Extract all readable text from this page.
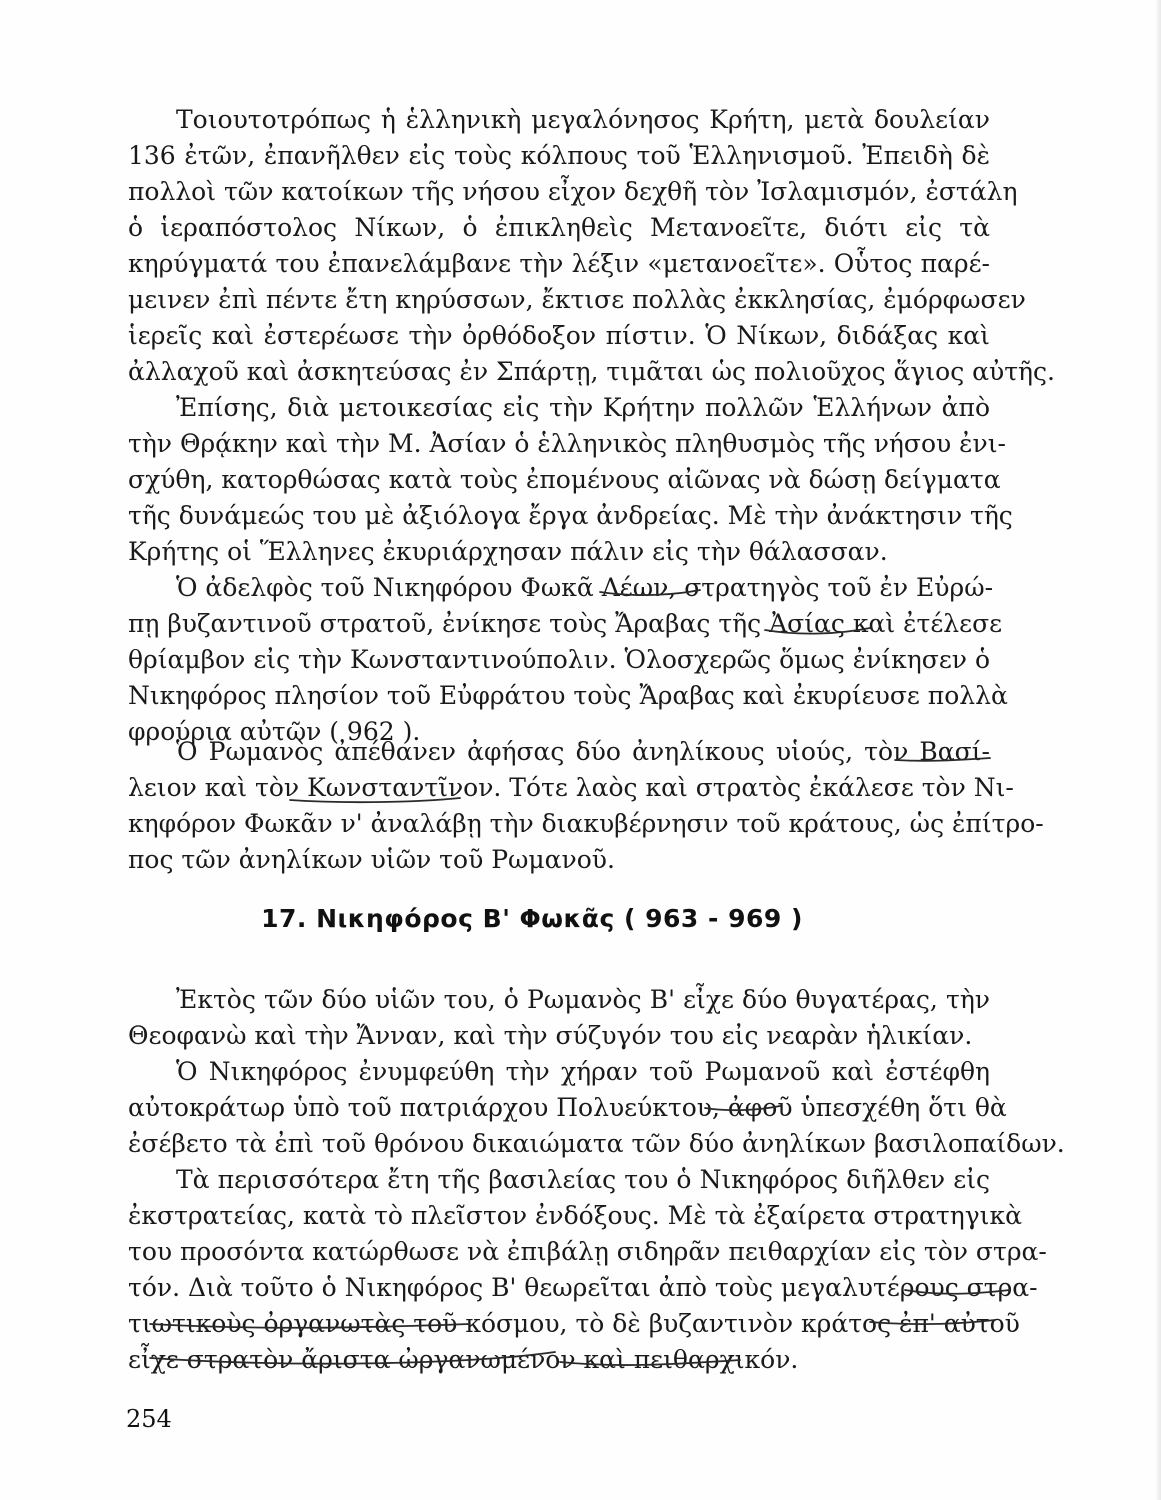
Τοιουτοτρόπως ἡ ἑλληνικὴ μεγαλόνησος Κρήτη, μετὰ δουλείαν
136 ἐτῶν, ἐπανῆλθεν εἰς τοὺς κόλπους τοῦ Ἑλληνισμοῦ. Ἐπειδὴ δὲ
πολλοὶ τῶν κατοίκων τῆς νήσου εἶχον δεχθῆ τὸν Ἰσλαμισμόν, ἐστάλη
ὁ ἱεραπόστολος Νίκων, ὁ ἐπικληθεὶς Μετανοεῖτε, διότι εἰς τὰ
κηρύγματά του ἐπανελάμβανε τὴν λέξιν «μετανοεῖτε». Οὗτος παρέ-
μεινεν ἐπὶ πέντε ἔτη κηρύσσων, ἔκτισε πολλὰς ἐκκλησίας, ἐμόρφωσεν
ἱερεῖς καὶ ἐστερέωσε τὴν ὀρθόδοξον πίστιν. Ὁ Νίκων, διδάξας καὶ
ἀλλαχοῦ καὶ ἀσκητεύσας ἐν Σπάρτῃ, τιμᾶται ὡς πολιοῦχος ἅγιος αὐτῆς.
Ἐπίσης, διὰ μετοικεσίας εἰς τὴν Κρήτην πολλῶν Ἑλλήνων ἀπὸ
τὴν Θρᾴκην καὶ τὴν Μ. Ἀσίαν ὁ ἑλληνικὸς πληθυσμὸς τῆς νήσου ἐνι-
σχύθη, κατορθώσας κατὰ τοὺς ἐπομένους αἰῶνας νὰ δώσῃ δείγματα
τῆς δυνάμεώς του μὲ ἀξιόλογα ἔργα ἀνδρείας. Μὲ τὴν ἀνάκτησιν τῆς
Κρήτης οἱ Ἕλληνες ἐκυριάρχησαν πάλιν εἰς τὴν θάλασσαν.
Ὁ ἀδελφὸς τοῦ Νικηφόρου Φωκᾶ Λέων, στρατηγὸς τοῦ ἐν Εὐρώ-
πῃ βυζαντινοῦ στρατοῦ, ἐνίκησε τοὺς Ἄραβας τῆς Ἀσίας καὶ ἐτέλεσε
θρίαμβον εἰς τὴν Κωνσταντινούπολιν. Ὁλοσχερῶς ὅμως ἐνίκησεν ὁ
Νικηφόρος πλησίον τοῦ Εὐφράτου τοὺς Ἄραβας καὶ ἐκυρίευσε πολλὰ
φρούρια αὐτῶν ( 962 ).
Ὁ Ρωμανὸς ἀπέθανεν ἀφήσας δύο ἀνηλίκους υἱούς, τὸν Βασί-
λειον καὶ τὸν Κωνσταντῖνον. Τότε λαὸς καὶ στρατὸς ἐκάλεσε τὸν Νι-
κηφόρον Φωκᾶν ν' ἀναλάβῃ τὴν διακυβέρνησιν τοῦ κράτους, ὡς ἐπίτρο-
πος τῶν ἀνηλίκων υἱῶν τοῦ Ρωμανοῦ.
17. Νικηφόρος Β' Φωκᾶς ( 963 - 969 )
Ἐκτὸς τῶν δύο υἱῶν του, ὁ Ρωμανὸς Β' εἶχε δύο θυγατέρας, τὴν
Θεοφανὼ καὶ τὴν Ἄνναν, καὶ τὴν σύζυγόν του εἰς νεαρὰν ἡλικίαν.
Ὁ Νικηφόρος ἐνυμφεύθη τὴν χήραν τοῦ Ρωμανοῦ καὶ ἐστέφθη
αὐτοκράτωρ ὑπὸ τοῦ πατριάρχου Πολυεύκτου, ἀφοῦ ὑπεσχέθη ὅτι θὰ
ἐσέβετο τὰ ἐπὶ τοῦ θρόνου δικαιώματα τῶν δύο ἀνηλίκων βασιλοπαίδων.
Τὰ περισσότερα ἔτη τῆς βασιλείας του ὁ Νικηφόρος διῆλθεν εἰς
ἐκστρατείας, κατὰ τὸ πλεῖστον ἐνδόξους. Μὲ τὰ ἐξαίρετα στρατηγικὰ
του προσόντα κατώρθωσε νὰ ἐπιβάλῃ σιδηρᾶν πειθαρχίαν εἰς τὸν στρα-
τόν. Διὰ τοῦτο ὁ Νικηφόρος Β' θεωρεῖται ἀπὸ τοὺς μεγαλυτέρους στρα-
τιωτικοὺς ὀργανωτὰς τοῦ κόσμου, τὸ δὲ βυζαντινὸν κράτος ἐπ' αὐτοῦ
εἶχε στρατὸν ἄριστα ὠργανωμένον καὶ πειθαρχικόν.
254
